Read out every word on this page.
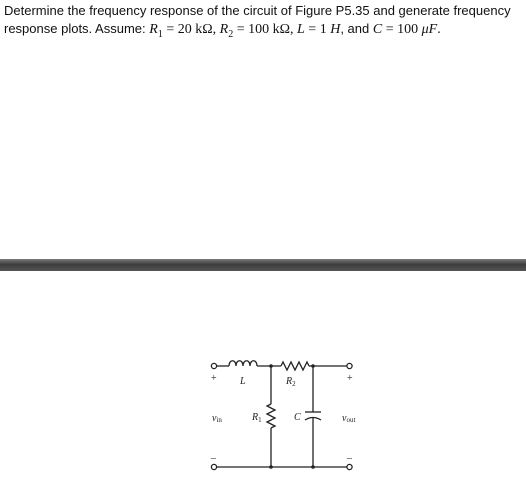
Determine the frequency response of the circuit of Figure P5.35 and generate frequency
response plots. Assume: $R_1 = 20$ kΩ, $R_2 = 100$ kΩ, L = 1 H, and C = 100 μF.
+	+
–	–
L	$R_2$
$R_1$	C
vin	vout
